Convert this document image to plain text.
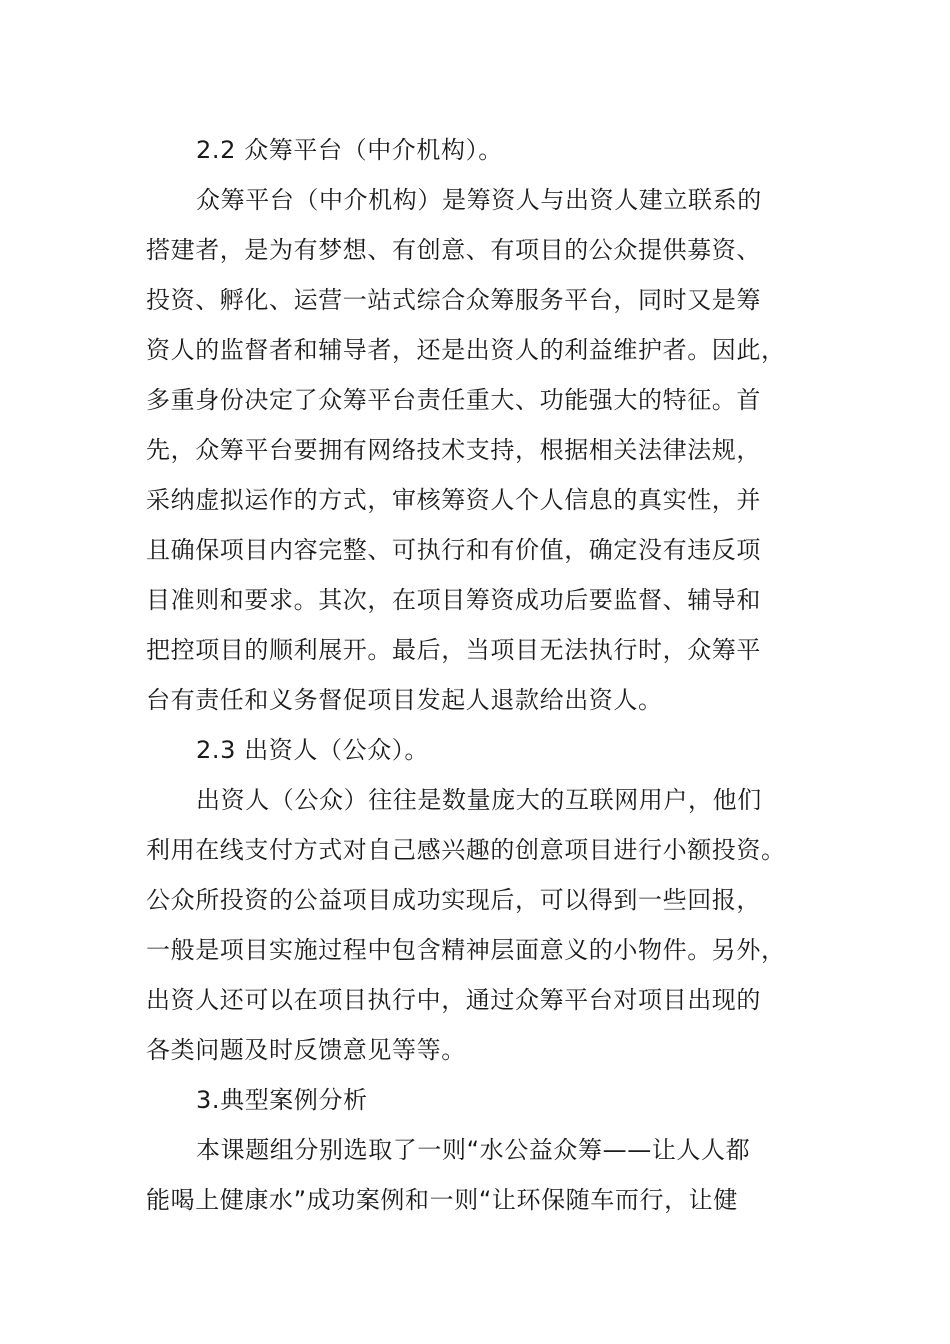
2.2 众筹平台（中介机构）。
众筹平台（中介机构）是筹资人与出资人建立联系的
搭建者，是为有梦想、有创意、有项目的公众提供募资、
投资、孵化、运营一站式综合众筹服务平台，同时又是筹
资人的监督者和辅导者，还是出资人的利益维护者。因此，
多重身份决定了众筹平台责任重大、功能强大的特征。首
先，众筹平台要拥有网络技术支持，根据相关法律法规，
采纳虚拟运作的方式，审核筹资人个人信息的真实性，并
且确保项目内容完整、可执行和有价值，确定没有违反项
目准则和要求。其次，在项目筹资成功后要监督、辅导和
把控项目的顺利展开。最后，当项目无法执行时，众筹平
台有责任和义务督促项目发起人退款给出资人。
2.3 出资人（公众）。
出资人（公众）往往是数量庞大的互联网用户，他们
利用在线支付方式对自己感兴趣的创意项目进行小额投资。
公众所投资的公益项目成功实现后，可以得到一些回报，
一般是项目实施过程中包含精神层面意义的小物件。另外，
出资人还可以在项目执行中，通过众筹平台对项目出现的
各类问题及时反馈意见等等。
3.典型案例分析
本课题组分别选取了一则“水公益众筹——让人人都
能喝上健康水”成功案例和一则“让环保随车而行，让健
